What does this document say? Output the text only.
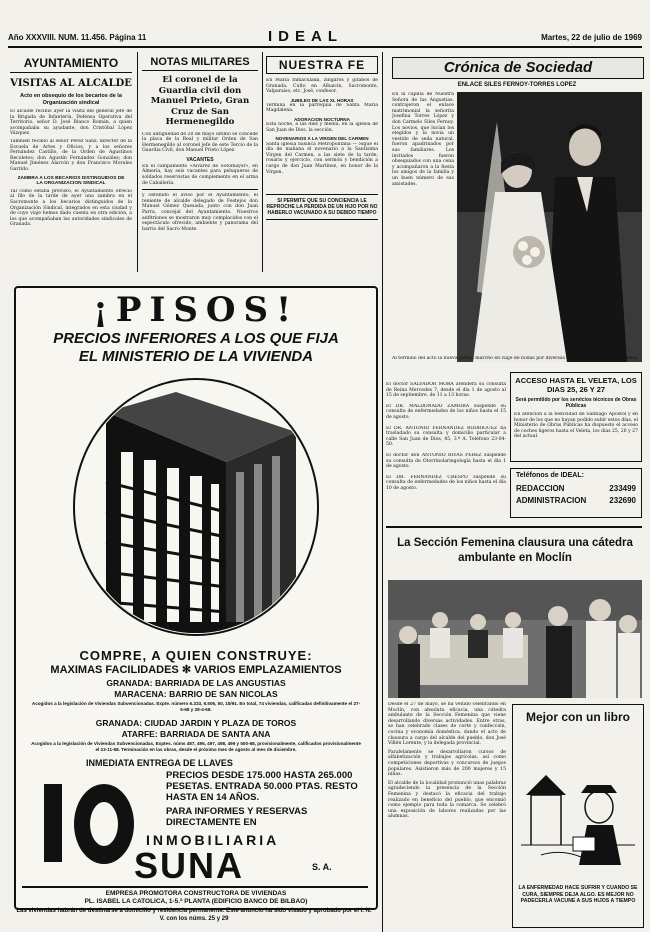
Año XXXVIII. NUM. 11.456. Página 11	IDEAL	Martes, 22 de julio de 1969
AYUNTAMIENTO
VISITAS AL ALCALDE
Acto en obsequio de los becarios de la Organización sindical
El alcalde recibió ayer la visita del general jefe de la Brigada de Infantería, Defensa Operativa del Territorio, señor D. José Blanco Román, a quien acompañaba su ayudante, don Cristóbal López Vázquez.
También recibió al señor Pérez Sanz, director de la Escuela de Artes y Oficios, y a los señores Fernández Castillo, de la Orden de Agustinos Recoletos; don Agustín Fernández González; don Manuel Jiménez Alarcón y don Francisco Morales Garrido.
ZAMBRA A LOS BECARIOS DISTINGUIDOS DE LA ORGANIZACION SINDICAL
Tal como estaba previsto, el Ayuntamiento ofreció al filo de la tarde de ayer una zambra en el Sacromonte a los becarios distinguidos de la Organización Sindical, integrados en esta ciudad y de cuyo viaje hemos dado cuenta en otra edición, a los que acompañaban las autoridades sindicales de Granada.
NOTAS MILITARES
El coronel de la Guardia civil don Manuel Prieto, Gran Cruz de San Hermenegildo
Con antigüedad de 20 de mayo último se concede la placa de la Real y militar Orden de San Hermenegildo al coronel jefe de este Tercio de la Guardia Civil, don Manuel Prieto López.
VACANTES
En el campamento «Álvarez de Sotomayor», en Almería, hay seis vacantes para peluqueros de soldados reservistas de complemento en el arma de Caballería.
y obtenido el aviso por el Ayuntamiento, el teniente de alcalde delegado de Festejos don Manuel Gómez Quesada, junto con don Juan Parra, concejal del Ayuntamiento. Nuestros anfitriones se mostraron muy complacidos con el espectáculo ofrecido, ambiente y panorama del barrio del Sacro Monte.
NUESTRA FE
En María Inmaculada, zíngaros y gitanos de Granada. Culto en Albaicín, Sacromonte, Valparaíso, etc. José, confesor.
JUBILEO DE LAS XL HORAS
Termina en la parroquia de Santa María Magdalena.
ADORACION NOCTURNA
Esta noche, a las diez y media, en la iglesia de San Juan de Dios, la sección.
NOVENARIOS A LA VIRGEN DEL CARMEN
Santa iglesia basílica Metropolitana — Sigue el día de mañana el novenario a la Santísima Virgen del Carmen, a las siete de la tarde, rosario y ejercicio, con sermón y bendición a cargo de don Juan Martínez, en honor de la Virgen.
SI PERMITE QUE SU CONCIENCIA LE REPROCHE LA PERDIDA DE UN HIJO POR NO HABERLO VACUNADO A SU DEBIDO TIEMPO
Crónica de Sociedad
ENLACE SILES FERNOY-TORRES LOPEZ
En la capilla de Nuestra Señora de las Angustias, contrajeron el enlace matrimonial la señorita Josefina Torres López y don Carmelo Siles Fernoy. Los novios, que lucían los elegidos y la novia un vestido de seda natural, fueron apadrinados por sus familiares. Los invitados fueron obsequiados con una cena y acompañaron a la fiesta los amigos de la familia y un buen número de sus amistades.
Al término del acto la nueva pareja marchó en viaje de bodas por diversas capitales española y Alemania.
El doctor SALVADOR MORA atenderá su consulta de Reina Mercedes 7, desde el día 1 de agosto al 15 de septiembre, de 11 a 13 horas.
El DR. MALDONADO ZAMORA suspende su consulta de enfermedades de los niños hasta el 15 de agosto.
El DR. ANTONIO FERNANDEZ RODRIGUEZ ha trasladado su consulta y domicilio particular a calle San Juan de Dios, 45, 3.º A. Teléfono 23-04-50.
El doctor don ANTONIO RIVAS PEREZ suspende su consulta de Otorrinolaringología hasta el día 1 de agosto.
El DR. FERNANDEZ CRESPO suspende su consulta de enfermedades de los niños hasta el día 10 de agosto.
ACCESO HASTA EL VELETA, LOS DIAS 25, 26 Y 27
Será permitido por los servicios técnicos de Obras Públicas
En atención a la festividad de Santiago Apóstol y en honor de los que no hayan podido subir estos días, el Ministerio de Obras Públicas ha dispuesto el acceso de coches ligeros hasta el Veleta, los días 25, 26 y 27 del actual.
Teléfonos de IDEAL:
REDACCION	233499
ADMINISTRACION	232690
La Sección Femenina clausura una cátedra ambulante en Moclín
Desde el 27 de mayo, se ha venido celebrando en Moclín, con absoluta eficacia, una cátedra ambulante de la Sección Femenina que viene desarrollando diversas actividades. Entre otras, se han celebrado clases de corte y confección, cocina y economía doméstica, dando el acto de clausura a cargo del alcalde del pueblo, don José Villén Lorente, y la delegada provincial.
Paralelamente se desarrollaron cursos de alfabetización y trabajos agrícolas, así como competiciones deportivas y concursos de juegos populares. Asistieron más de 200 mujeres y 15 niñas.
El alcalde de la localidad pronunció unas palabras agradeciendo la presencia de la Sección Femenina y destacó la eficacia del trabajo realizado en beneficio del pueblo, que encomió como ejemplo para toda la comarca. Se celebró una exposición de labores realizadas por las alumnas.
Mejor con un libro
LA ENFERMEDAD HACE SUFRIR Y CUANDO SE CURA, SIEMPRE DEJA ALGO. ES MEJOR NO PADECERLA VACUNE A SUS HIJOS A TIEMPO
¡PISOS!
PRECIOS INFERIORES A LOS QUE FIJA
EL MINISTERIO DE LA VIVIENDA
COMPRE, A QUIEN CONSTRUYE:
MAXIMAS FACILIDADES ✻ VARIOS EMPLAZAMIENTOS
GRANADA: BARRIADA DE LAS ANGUSTIAS
MARACENA: BARRIO DE SAN NICOLAS
Acogidos a la legislación de Viviendas Subvencionadas. Expte. número 6.333, 6.506, 50, 15/91. En total, 74 viviendas, calificadas definitivamente el 27-5-68 y 28-4-68.
GRANADA: CIUDAD JARDIN Y PLAZA DE TOROS
ATARFE: BARRIADA DE SANTA ANA
Acogidos a la legislación de Viviendas Subvencionadas, Exptes. núms 487, 495, 497, 498, 499 y 500-68, provisionalmente, calificados provisionalmente el 23-11-68. Terminación en las obras, desde el próximo mes de agosto al mes de diciembre.
INMEDIATA ENTREGA DE LLAVES
PRECIOS DESDE 175.000 HASTA 265.000 PESETAS. ENTRADA 50.000 PTAS. RESTO HASTA EN 14 AÑOS.
PARA INFORMES Y RESERVAS DIRECTAMENTE EN
INMOBILIARIA
SUNA	S. A.
EMPRESA PROMOTORA CONSTRUCTORA DE VIVIENDAS
PL. ISABEL LA CATOLICA, 1-5.ª PLANTA (EDIFICIO BANCO DE BILBAO)
Las viviendas habrán de destinarse a domicilio y residencia permanente. Este anuncio ha sido visado y aprobado por el I. N. V. con los núms. 25 y 29
